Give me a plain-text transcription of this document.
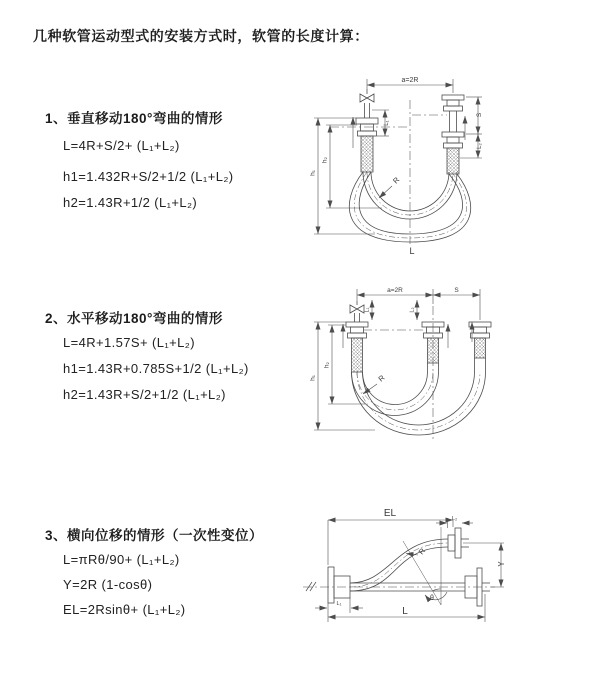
几种软管运动型式的安装方式时，软管的长度计算：
1、垂直移动180°弯曲的情形
L=4R+S/2+ (L₁+L₂)
h1=1.432R+S/2+1/2 (L₁+L₂)
h2=1.43R+1/2 (L₁+L₂)
2、水平移动180°弯曲的情形
L=4R+1.57S+ (L₁+L₂)
h1=1.43R+0.785S+1/2 (L₁+L₂)
h2=1.43R+S/2+1/2 (L₁+L₂)
3、横向位移的情形（一次性变位）
L=πRθ/90+ (L₁+L₂)
Y=2R (1-cosθ)
EL=2Rsinθ+ (L₁+L₂)
a=2R
L₁
S
L₂
h₁
h₂
R
L
a=2R	S
L₁	L₂
h₁
h₂
R
EL
L
L₁
L₂
Y
R
θ
